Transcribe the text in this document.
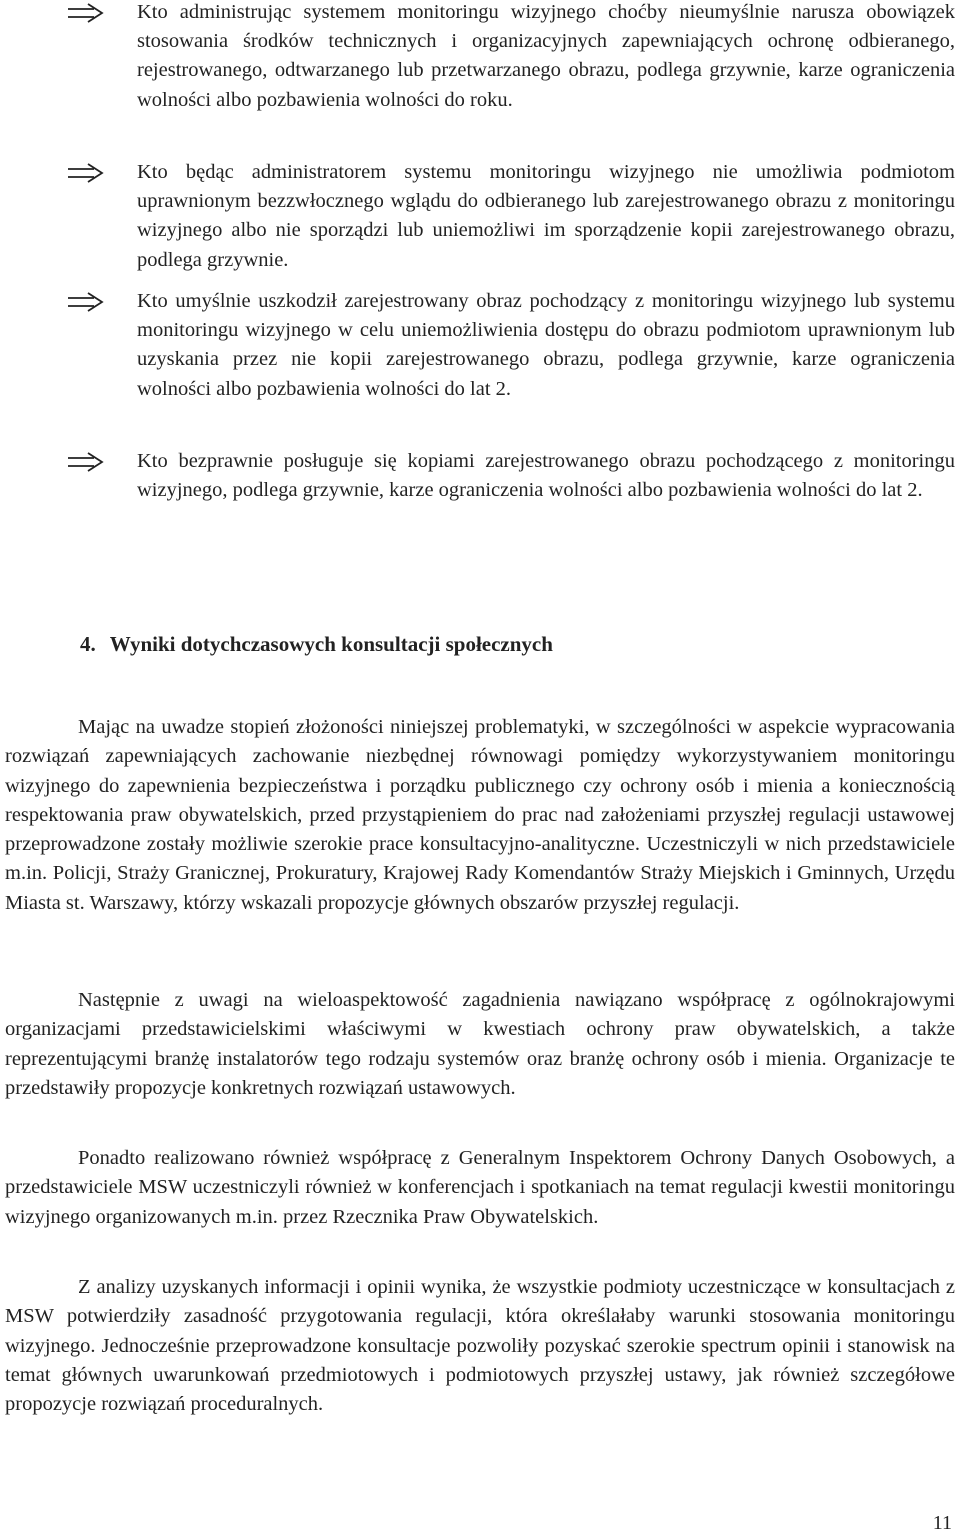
Kto administrując systemem monitoringu wizyjnego choćby nieumyślnie narusza obowiązek stosowania środków technicznych i organizacyjnych zapewniających ochronę odbieranego, rejestrowanego, odtwarzanego lub przetwarzanego obrazu, podlega grzywnie, karze ograniczenia wolności albo pozbawienia wolności do roku.

Kto będąc administratorem systemu monitoringu wizyjnego nie umożliwia podmiotom uprawnionym bezzwłocznego wglądu do odbieranego lub zarejestrowanego obrazu z monitoringu wizyjnego albo nie sporządzi lub uniemożliwi im sporządzenie kopii zarejestrowanego obrazu, podlega grzywnie.

Kto umyślnie uszkodził zarejestrowany obraz pochodzący z monitoringu wizyjnego lub systemu monitoringu wizyjnego w celu uniemożliwienia dostępu do obrazu podmiotom uprawnionym lub uzyskania przez nie kopii zarejestrowanego obrazu, podlega grzywnie, karze ograniczenia wolności albo pozbawienia wolności do lat 2.

Kto bezprawnie posługuje się kopiami zarejestrowanego obrazu pochodzącego z monitoringu wizyjnego, podlega grzywnie, karze ograniczenia wolności albo pozbawienia wolności do lat 2.

4. Wyniki dotychczasowych konsultacji społecznych

Mając na uwadze stopień złożoności niniejszej problematyki, w szczególności w aspekcie wypracowania rozwiązań zapewniających zachowanie niezbędnej równowagi pomiędzy wykorzystywaniem monitoringu wizyjnego do zapewnienia bezpieczeństwa i porządku publicznego czy ochrony osób i mienia a koniecznością respektowania praw obywatelskich, przed przystąpieniem do prac nad założeniami przyszłej regulacji ustawowej przeprowadzone zostały możliwie szerokie prace konsultacyjno-analityczne. Uczestniczyli w nich przedstawiciele m.in. Policji, Straży Granicznej, Prokuratury, Krajowej Rady Komendantów Straży Miejskich i Gminnych, Urzędu Miasta st. Warszawy, którzy wskazali propozycje głównych obszarów przyszłej regulacji.

Następnie z uwagi na wieloaspektowość zagadnienia nawiązano współpracę z ogólnokrajowymi organizacjami przedstawicielskimi właściwymi w kwestiach ochrony praw obywatelskich, a także reprezentującymi branżę instalatorów tego rodzaju systemów oraz branżę ochrony osób i mienia. Organizacje te przedstawiły propozycje konkretnych rozwiązań ustawowych.

Ponadto realizowano również współpracę z Generalnym Inspektorem Ochrony Danych Osobowych, a przedstawiciele MSW uczestniczyli również w konferencjach i spotkaniach na temat regulacji kwestii monitoringu wizyjnego organizowanych m.in. przez Rzecznika Praw Obywatelskich.

Z analizy uzyskanych informacji i opinii wynika, że wszystkie podmioty uczestniczące w konsultacjach z MSW potwierdziły zasadność przygotowania regulacji, która określałaby warunki stosowania monitoringu wizyjnego. Jednocześnie przeprowadzone konsultacje pozwoliły pozyskać szerokie spectrum opinii i stanowisk na temat głównych uwarunkowań przedmiotowych i podmiotowych przyszłej ustawy, jak również szczegółowe propozycje rozwiązań proceduralnych.

11
